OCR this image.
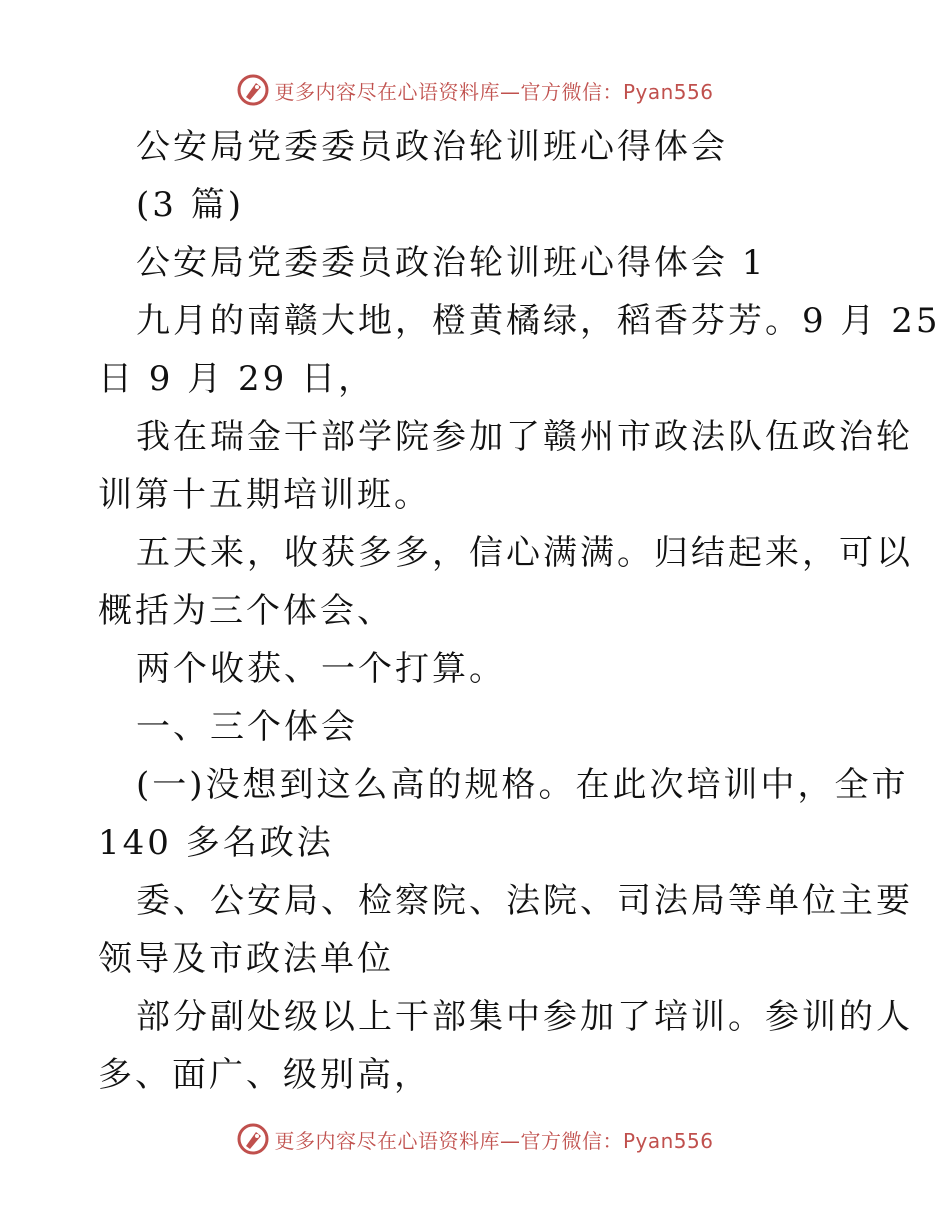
更多内容尽在心语资料库—官方微信：Pyan556
公安局党委委员政治轮训班心得体会
(3 篇)
公安局党委委员政治轮训班心得体会 1
九月的南赣大地，橙黄橘绿，稻香芬芳。9 月 25
日 9 月 29 日，
我在瑞金干部学院参加了赣州市政法队伍政治轮
训第十五期培训班。
五天来，收获多多，信心满满。归结起来，可以
概括为三个体会、
两个收获、一个打算。
一、三个体会
(一)没想到这么高的规格。在此次培训中，全市
140 多名政法
委、公安局、检察院、法院、司法局等单位主要
领导及市政法单位
部分副处级以上干部集中参加了培训。参训的人
多、面广、级别高，
更多内容尽在心语资料库—官方微信：Pyan556
